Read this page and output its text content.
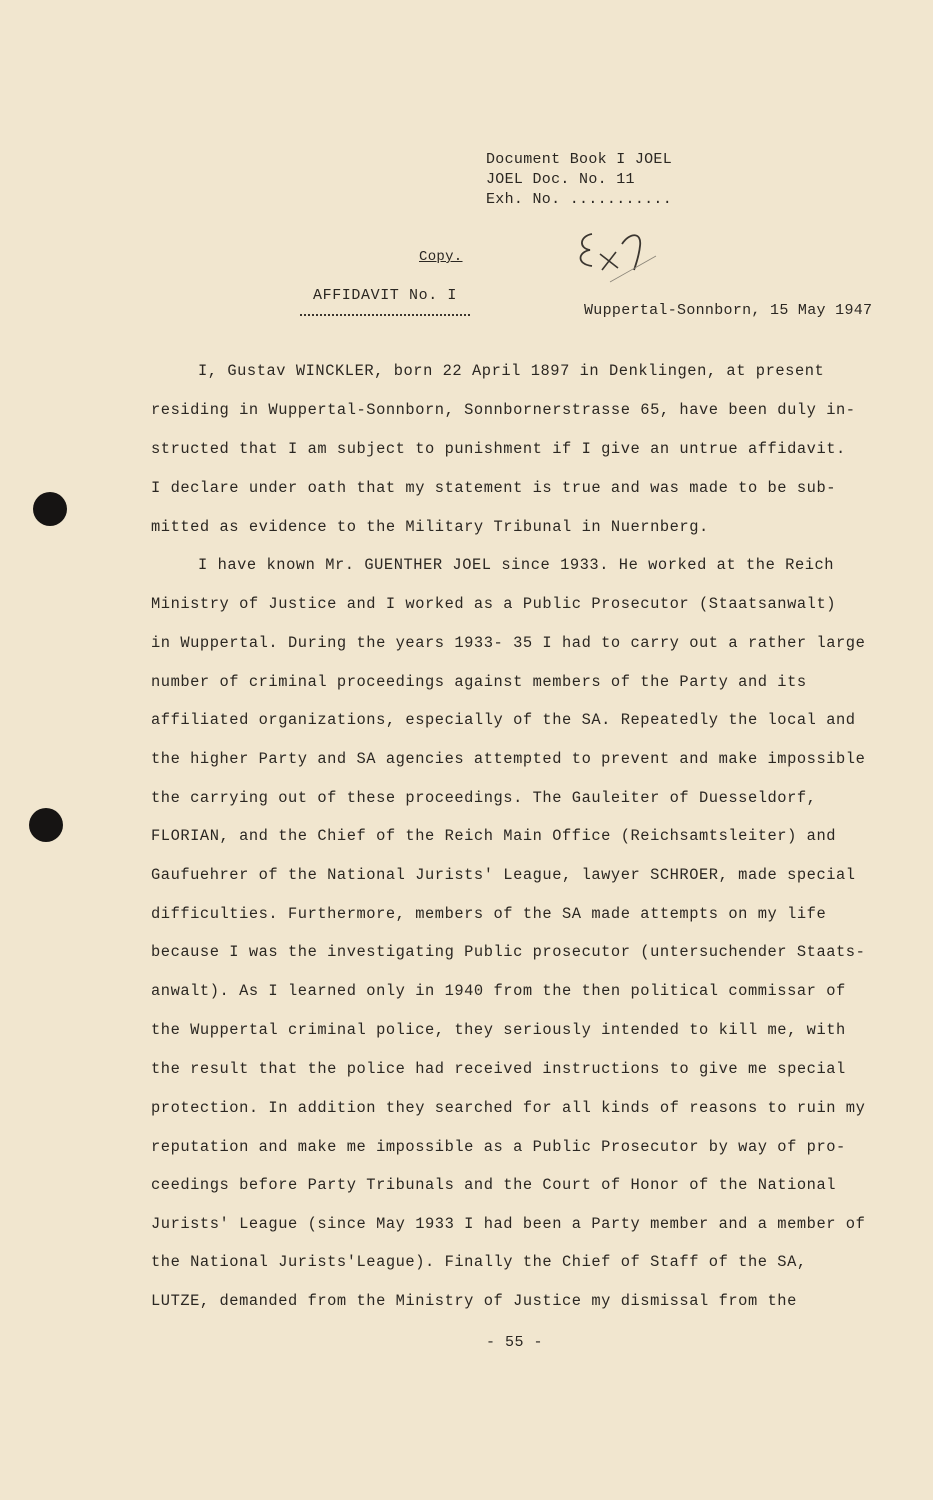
Document Book I JOEL
JOEL Doc. No. 11
Exh. No. ...........
Copy.
AFFIDAVIT No. I
Wuppertal-Sonnborn, 15 May 1947
I, Gustav WINCKLER, born 22 April 1897 in Denklingen, at present
residing in Wuppertal-Sonnborn, Sonnbornerstrasse 65, have been duly in-
structed that I am subject to punishment if I give an untrue affidavit.
I declare under oath that my statement is true and was made to be sub-
mitted as evidence to the Military Tribunal in Nuernberg.
I have known Mr. GUENTHER JOEL since 1933. He worked at the Reich
Ministry of Justice and I worked as a Public Prosecutor (Staatsanwalt)
in Wuppertal. During the years 1933- 35 I had to carry out a rather large
number of criminal proceedings against members of the Party and its
affiliated organizations, especially of the SA. Repeatedly the local and
the higher Party and SA agencies attempted to prevent and make impossible
the carrying out of these proceedings. The Gauleiter of Duesseldorf,
FLORIAN, and the Chief of the Reich Main Office (Reichsamtsleiter) and
Gaufuehrer of the National Jurists' League, lawyer SCHROER, made special
difficulties. Furthermore, members of the SA made attempts on my life
because I was the investigating Public prosecutor (untersuchender Staats-
anwalt). As I learned only in 1940 from the then political commissar of
the Wuppertal criminal police, they seriously intended to kill me, with
the result that the police had received instructions to give me special
protection. In addition they searched for all kinds of reasons to ruin my
reputation and make me impossible as a Public Prosecutor by way of pro-
ceedings before Party Tribunals and the Court of Honor of the National
Jurists' League (since May 1933 I had been a Party member and a member of
the National Jurists'League). Finally the Chief of Staff of the SA,
LUTZE, demanded from the Ministry of Justice my dismissal from the
- 55 -
